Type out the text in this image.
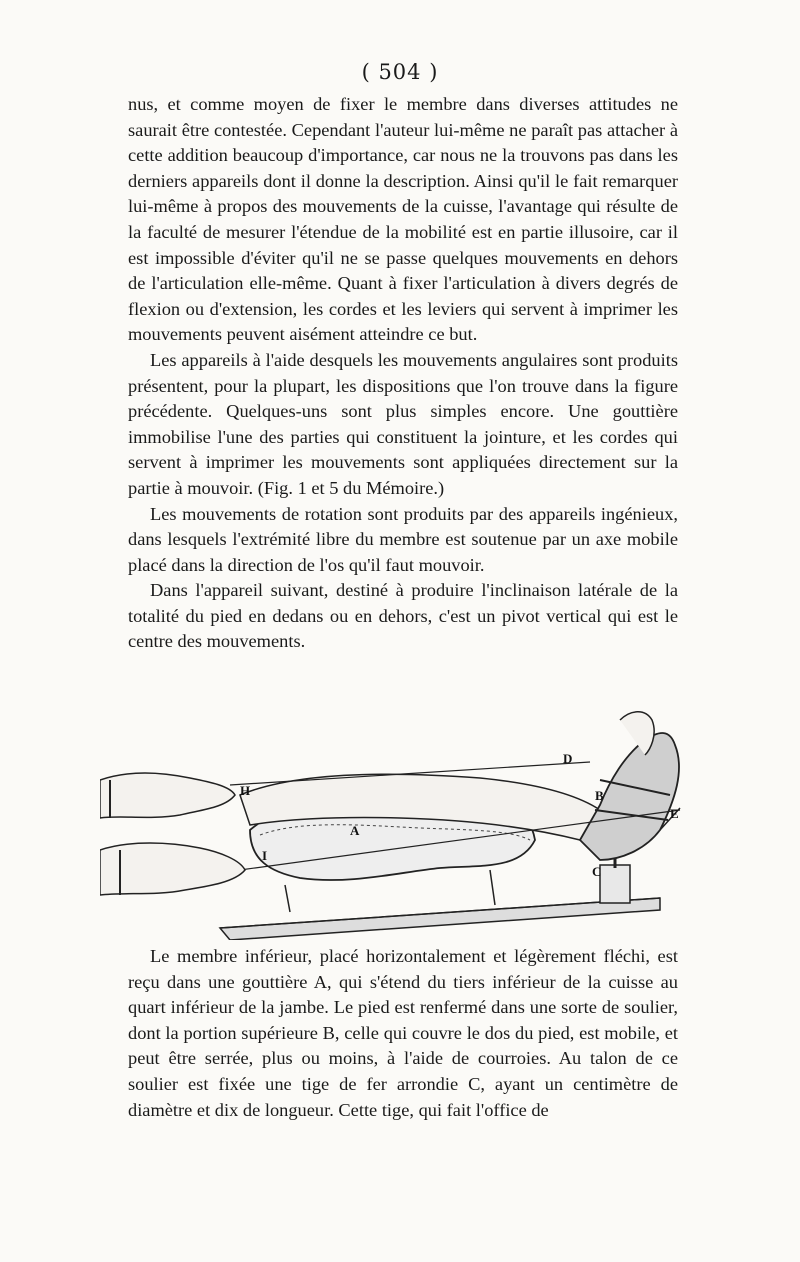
( 504 )

nus, et comme moyen de fixer le membre dans diverses attitudes ne saurait être contestée. Cependant l'auteur lui-même ne paraît pas attacher à cette addition beaucoup d'importance, car nous ne la trouvons pas dans les derniers appareils dont il donne la description. Ainsi qu'il le fait remarquer lui-même à propos des mouvements de la cuisse, l'avantage qui résulte de la faculté de mesurer l'étendue de la mobilité est en partie illusoire, car il est impossible d'éviter qu'il ne se passe quelques mouvements en dehors de l'articulation elle-même. Quant à fixer l'articulation à divers degrés de flexion ou d'extension, les cordes et les leviers qui servent à imprimer les mouvements peuvent aisément atteindre ce but.

Les appareils à l'aide desquels les mouvements angulaires sont produits présentent, pour la plupart, les dispositions que l'on trouve dans la figure précédente. Quelques-uns sont plus simples encore. Une gouttière immobilise l'une des parties qui constituent la jointure, et les cordes qui servent à imprimer les mouvements sont appliquées directement sur la partie à mouvoir. (Fig. 1 et 5 du Mémoire.)

Les mouvements de rotation sont produits par des appareils ingénieux, dans lesquels l'extrémité libre du membre est soutenue par un axe mobile placé dans la direction de l'os qu'il faut mouvoir.

Dans l'appareil suivant, destiné à produire l'inclinaison latérale de la totalité du pied en dedans ou en dehors, c'est un pivot vertical qui est le centre des mouvements.

A
B
C
D
E
H
I

Le membre inférieur, placé horizontalement et légèrement fléchi, est reçu dans une gouttière A, qui s'étend du tiers inférieur de la cuisse au quart inférieur de la jambe. Le pied est renfermé dans une sorte de soulier, dont la portion supérieure B, celle qui couvre le dos du pied, est mobile, et peut être serrée, plus ou moins, à l'aide de courroies. Au talon de ce soulier est fixée une tige de fer arrondie C, ayant un centimètre de diamètre et dix de longueur. Cette tige, qui fait l'office de
